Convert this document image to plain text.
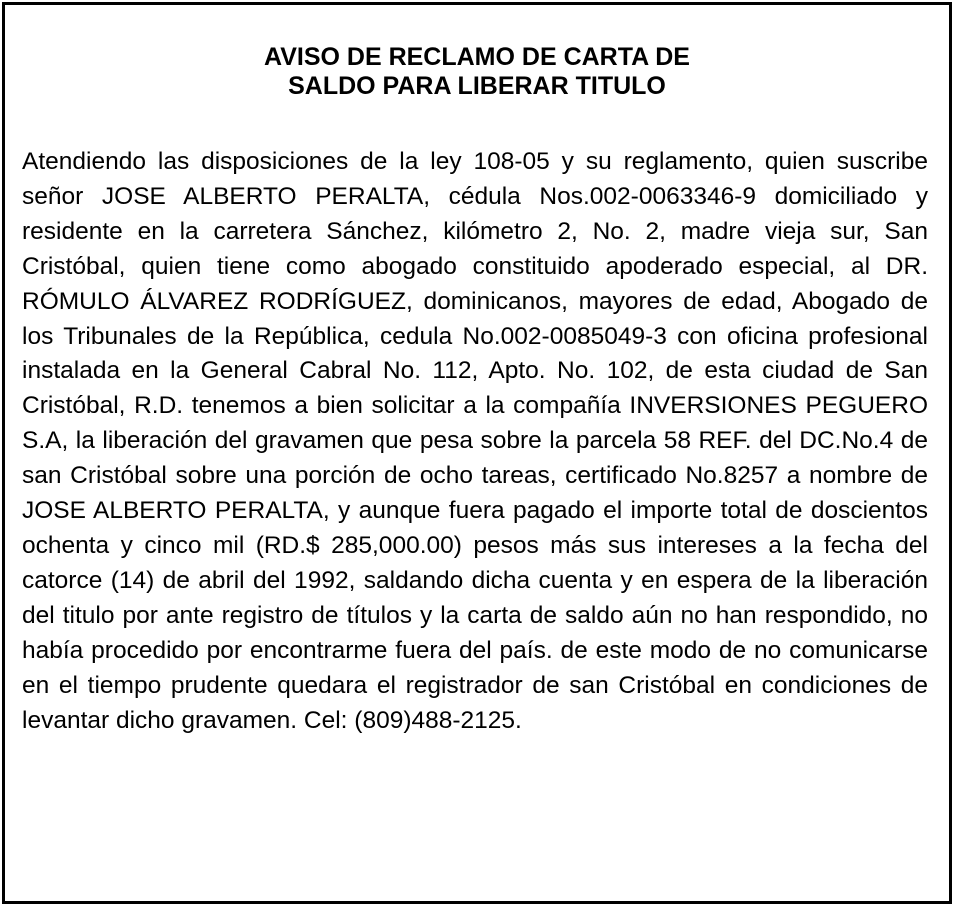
AVISO DE RECLAMO DE CARTA DE
SALDO PARA LIBERAR TITULO

Atendiendo las disposiciones de la ley 108-05 y su reglamento, quien suscribe señor JOSE ALBERTO PERALTA, cédula Nos.002-0063346-9 domiciliado y residente en la carretera Sánchez, kilómetro 2, No. 2, madre vieja sur, San Cristóbal, quien tiene como abogado constituido apoderado especial, al DR. RÓMULO ÁLVAREZ RODRÍGUEZ, dominicanos, mayores de edad, Abogado de los Tribunales de la República, cedula No.002-0085049-3 con oficina profesional instalada en la General Cabral No. 112, Apto. No. 102, de esta ciudad de San Cristóbal, R.D. tenemos a bien solicitar a la compañía INVERSIONES PEGUERO S.A, la liberación del gravamen que pesa sobre la parcela 58 REF. del DC.No.4 de san Cristóbal sobre una porción de ocho tareas, certificado No.8257 a nombre de JOSE ALBERTO PERALTA, y aunque fuera pagado el importe total de doscientos ochenta y cinco mil (RD.$ 285,000.00) pesos más sus intereses a la fecha del catorce (14) de abril del 1992, saldando dicha cuenta y en espera de la liberación del titulo por ante registro de títulos y la carta de saldo aún no han respondido, no había procedido por encontrarme fuera del país. de este modo de no comunicarse en el tiempo prudente quedara el registrador de san Cristóbal en condiciones de levantar dicho gravamen. Cel: (809)488-2125.
